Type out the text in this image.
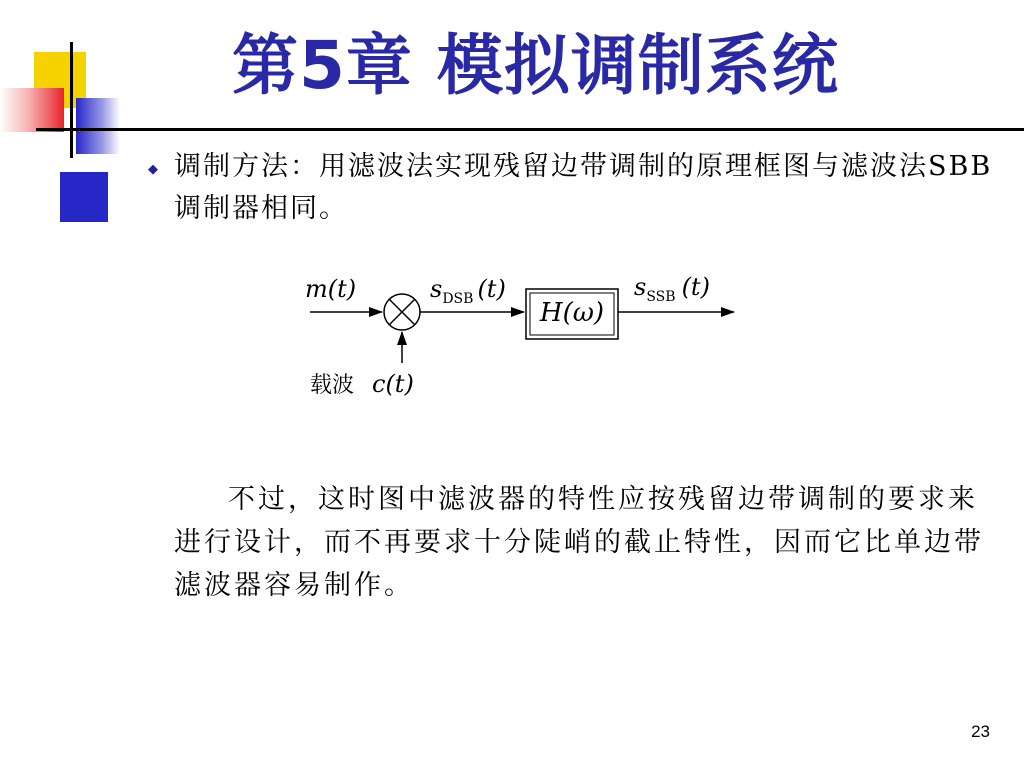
第5章 模拟调制系统
◆ 调制方法：用滤波法实现残留边带调制的原理框图与滤波法SBB调制器相同。
m(t)
载波 c(t)
$s_{DSB}$ (t)
H(ω)
$s_{SSB}$ (t)
不过，这时图中滤波器的特性应按残留边带调制的要求来进行设计，而不再要求十分陡峭的截止特性，因而它比单边带滤波器容易制作。
23
